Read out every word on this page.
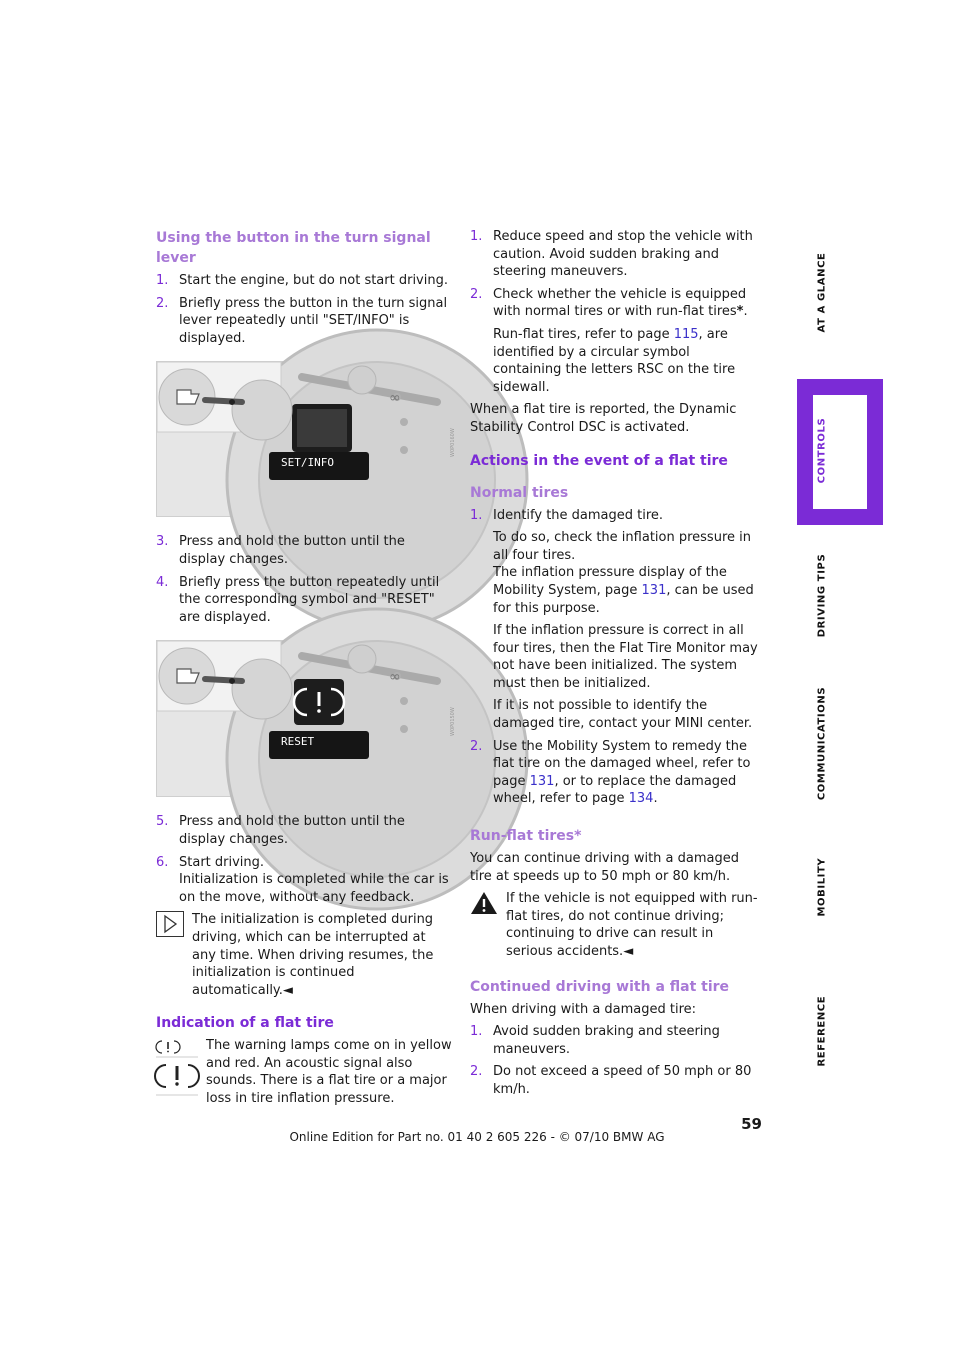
Using the button in the turn signal lever
1. Start the engine, but do not start driving.
2. Briefly press the button in the turn signal lever repeatedly until "SET/INFO" is displayed.
∞
SET/INFO
W0P0160W
3. Press and hold the button until the display changes.
4. Briefly press the button repeatedly until the corresponding symbol and "RESET" are displayed.
∞
RESET
W0P0150W
5. Press and hold the button until the display changes.
6. Start driving.
Initialization is completed while the car is on the move, without any feedback.
The initialization is completed during driving, which can be interrupted at any time. When driving resumes, the initialization is continued automatically.◄
Indication of a flat tire
The warning lamps come on in yellow and red. An acoustic signal also sounds. There is a flat tire or a major loss in tire inflation pressure.
1. Reduce speed and stop the vehicle with caution. Avoid sudden braking and steering maneuvers.
2. Check whether the vehicle is equipped with normal tires or with run-flat tires*.
Run-flat tires, refer to page 115, are identified by a circular symbol containing the letters RSC on the tire sidewall.
When a flat tire is reported, the Dynamic Stability Control DSC is activated.
Actions in the event of a flat tire
Normal tires
1. Identify the damaged tire.
To do so, check the inflation pressure in all four tires.
The inflation pressure display of the Mobility System, page 131, can be used for this purpose.
If the inflation pressure is correct in all four tires, then the Flat Tire Monitor may not have been initialized. The system must then be initialized.
If it is not possible to identify the damaged tire, contact your MINI center.
2. Use the Mobility System to remedy the flat tire on the damaged wheel, refer to page 131, or to replace the damaged wheel, refer to page 134.
Run-flat tires*
You can continue driving with a damaged tire at speeds up to 50 mph or 80 km/h.
If the vehicle is not equipped with run-flat tires, do not continue driving; continuing to drive can result in serious accidents.◄
Continued driving with a flat tire
When driving with a damaged tire:
1. Avoid sudden braking and steering maneuvers.
2. Do not exceed a speed of 50 mph or 80 km/h.
AT A GLANCE
CONTROLS
DRIVING TIPS
COMMUNICATIONS
MOBILITY
REFERENCE
59
Online Edition for Part no. 01 40 2 605 226 - © 07/10 BMW AG
